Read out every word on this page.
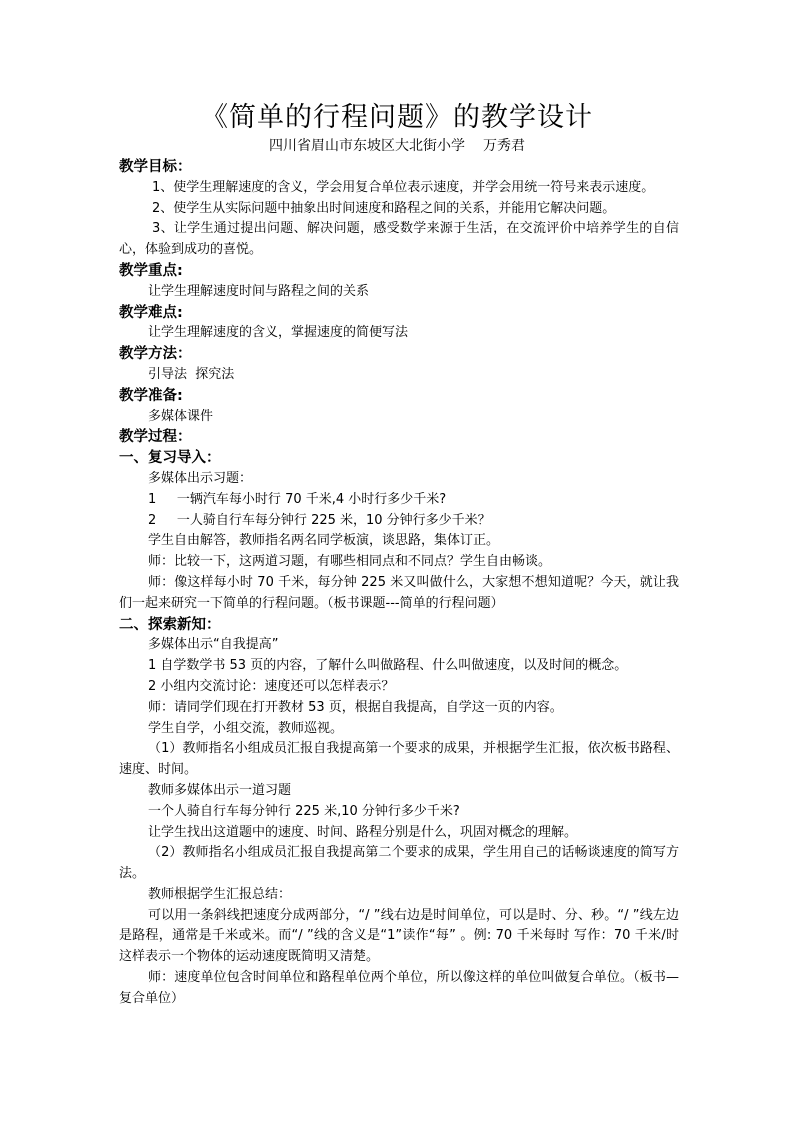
《简单的行程问题》的教学设计
四川省眉山市东坡区大北街小学 万秀君

教学目标：

1、使学生理解速度的含义，学会用复合单位表示速度，并学会用统一符号来表示速度。

2、使学生从实际问题中抽象出时间速度和路程之间的关系，并能用它解决问题。

3、让学生通过提出问题、解决问题，感受数学来源于生活，在交流评价中培养学生的自信心，体验到成功的喜悦。

教学重点:

让学生理解速度时间与路程之间的关系

教学难点:

让学生理解速度的含义，掌握速度的简便写法

教学方法：

引导法  探究法

教学准备:

多媒体课件

教学过程：

一、复习导入：

多媒体出示习题：

1     一辆汽车每小时行 70 千米,4 小时行多少千米?

2     一人骑自行车每分钟行 225 米，10 分钟行多少千米？

学生自由解答，教师指名两名同学板演，谈思路，集体订正。

师：比较一下，这两道习题，有哪些相同点和不同点？学生自由畅谈。

师：像这样每小时 70 千米，每分钟 225 米又叫做什么，大家想不想知道呢？今天，就让我们一起来研究一下简单的行程问题。（板书课题---简单的行程问题）

二、探索新知：

多媒体出示“自我提高”

1 自学数学书 53 页的内容，了解什么叫做路程、什么叫做速度，以及时间的概念。

2 小组内交流讨论：速度还可以怎样表示？

师：请同学们现在打开教材 53 页，根据自我提高，自学这一页的内容。

学生自学，小组交流，教师巡视。

（1）教师指名小组成员汇报自我提高第一个要求的成果，并根据学生汇报，依次板书路程、速度、时间。

教师多媒体出示一道习题

一个人骑自行车每分钟行 225 米,10 分钟行多少千米?

让学生找出这道题中的速度、时间、路程分别是什么，巩固对概念的理解。

（2）教师指名小组成员汇报自我提高第二个要求的成果，学生用自己的话畅谈速度的简写方法。

教师根据学生汇报总结：

可以用一条斜线把速度分成两部分，“/ ”线右边是时间单位，可以是时、分、秒。“/ ”线左边是路程，通常是千米或米。而“/ ”线的含义是“1”读作“每” 。例: 70 千米每时 写作：70 千米/时 这样表示一个物体的运动速度既简明又清楚。

师：速度单位包含时间单位和路程单位两个单位，所以像这样的单位叫做复合单位。（板书—复合单位）
